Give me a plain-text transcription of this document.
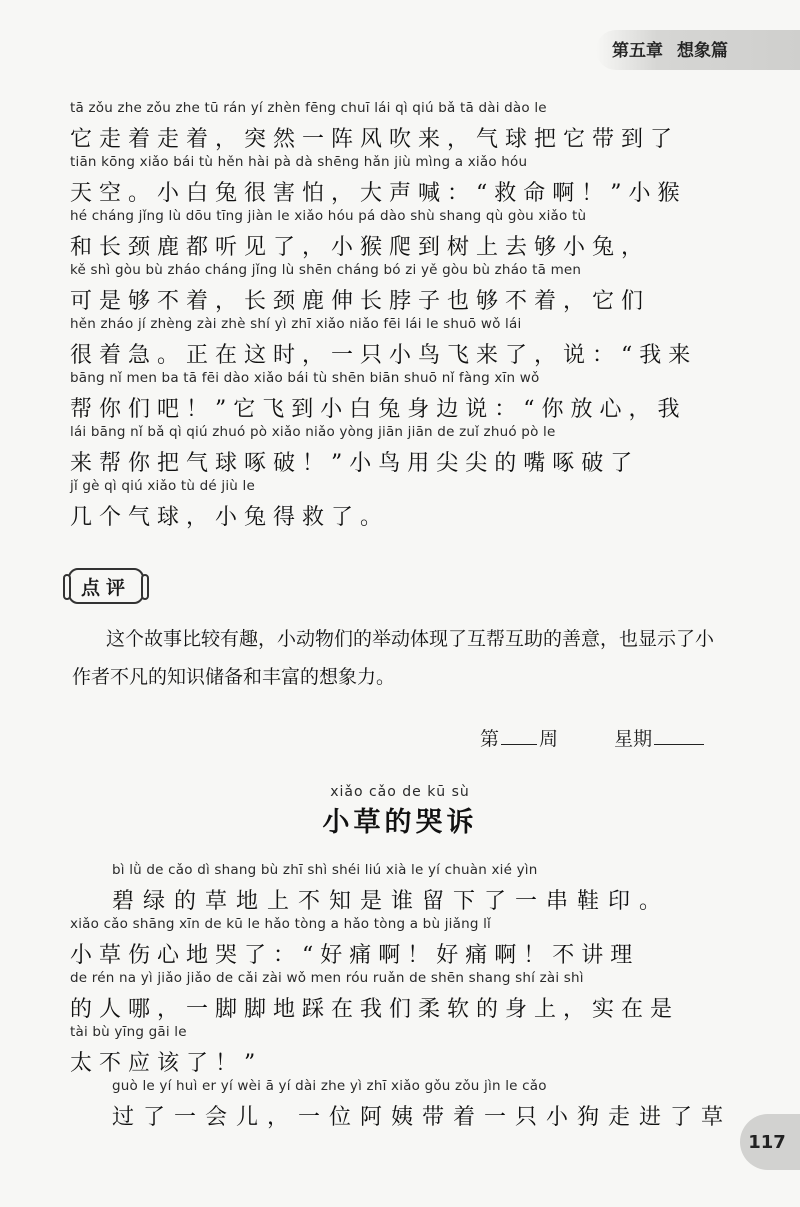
第五章 想象篇
tā zǒu zhe zǒu zhe tū rán yí zhèn fēng chuī lái qì qiú bǎ tā dài dào le
它走着走着，突然一阵风吹来，气球把它带到了
tiān kōng xiǎo bái tù hěn hài pà dà shēng hǎn jiù mìng a xiǎo hóu
天空。小白兔很害怕，大声喊：“救命啊！”小猴
hé cháng jǐng lù dōu tīng jiàn le xiǎo hóu pá dào shù shang qù gòu xiǎo tù
和长颈鹿都听见了，小猴爬到树上去够小兔，
kě shì gòu bù zháo cháng jǐng lù shēn cháng bó zi yě gòu bù zháo tā men
可是够不着，长颈鹿伸长脖子也够不着，它们
hěn zháo jí zhèng zài zhè shí yì zhī xiǎo niǎo fēi lái le shuō wǒ lái
很着急。正在这时，一只小鸟飞来了，说：“我来
bāng nǐ men ba tā fēi dào xiǎo bái tù shēn biān shuō nǐ fàng xīn wǒ
帮你们吧！”它飞到小白兔身边说：“你放心，我
lái bāng nǐ bǎ qì qiú zhuó pò xiǎo niǎo yòng jiān jiān de zuǐ zhuó pò le
来帮你把气球啄破！”小鸟用尖尖的嘴啄破了
jǐ gè qì qiú xiǎo tù dé jiù le
几个气球，小兔得救了。
点评
这个故事比较有趣，小动物们的举动体现了互帮互助的善意，也显示了小作者不凡的知识储备和丰富的想象力。
第 周	星期
xiǎo cǎo de kū sù
小草的哭诉
bì lǜ de cǎo dì shang bù zhī shì shéi liú xià le yí chuàn xié yìn
碧绿的草地上不知是谁留下了一串鞋印。
xiǎo cǎo shāng xīn de kū le hǎo tòng a hǎo tòng a bù jiǎng lǐ
小草伤心地哭了：“好痛啊！好痛啊！不讲理
de rén na yì jiǎo jiǎo de cǎi zài wǒ men róu ruǎn de shēn shang shí zài shì
的人哪，一脚脚地踩在我们柔软的身上，实在是
tài bù yīng gāi le
太不应该了！”
guò le yí huì er yí wèi ā yí dài zhe yì zhī xiǎo gǒu zǒu jìn le cǎo
过了一会儿，一位阿姨带着一只小狗走进了草
117
